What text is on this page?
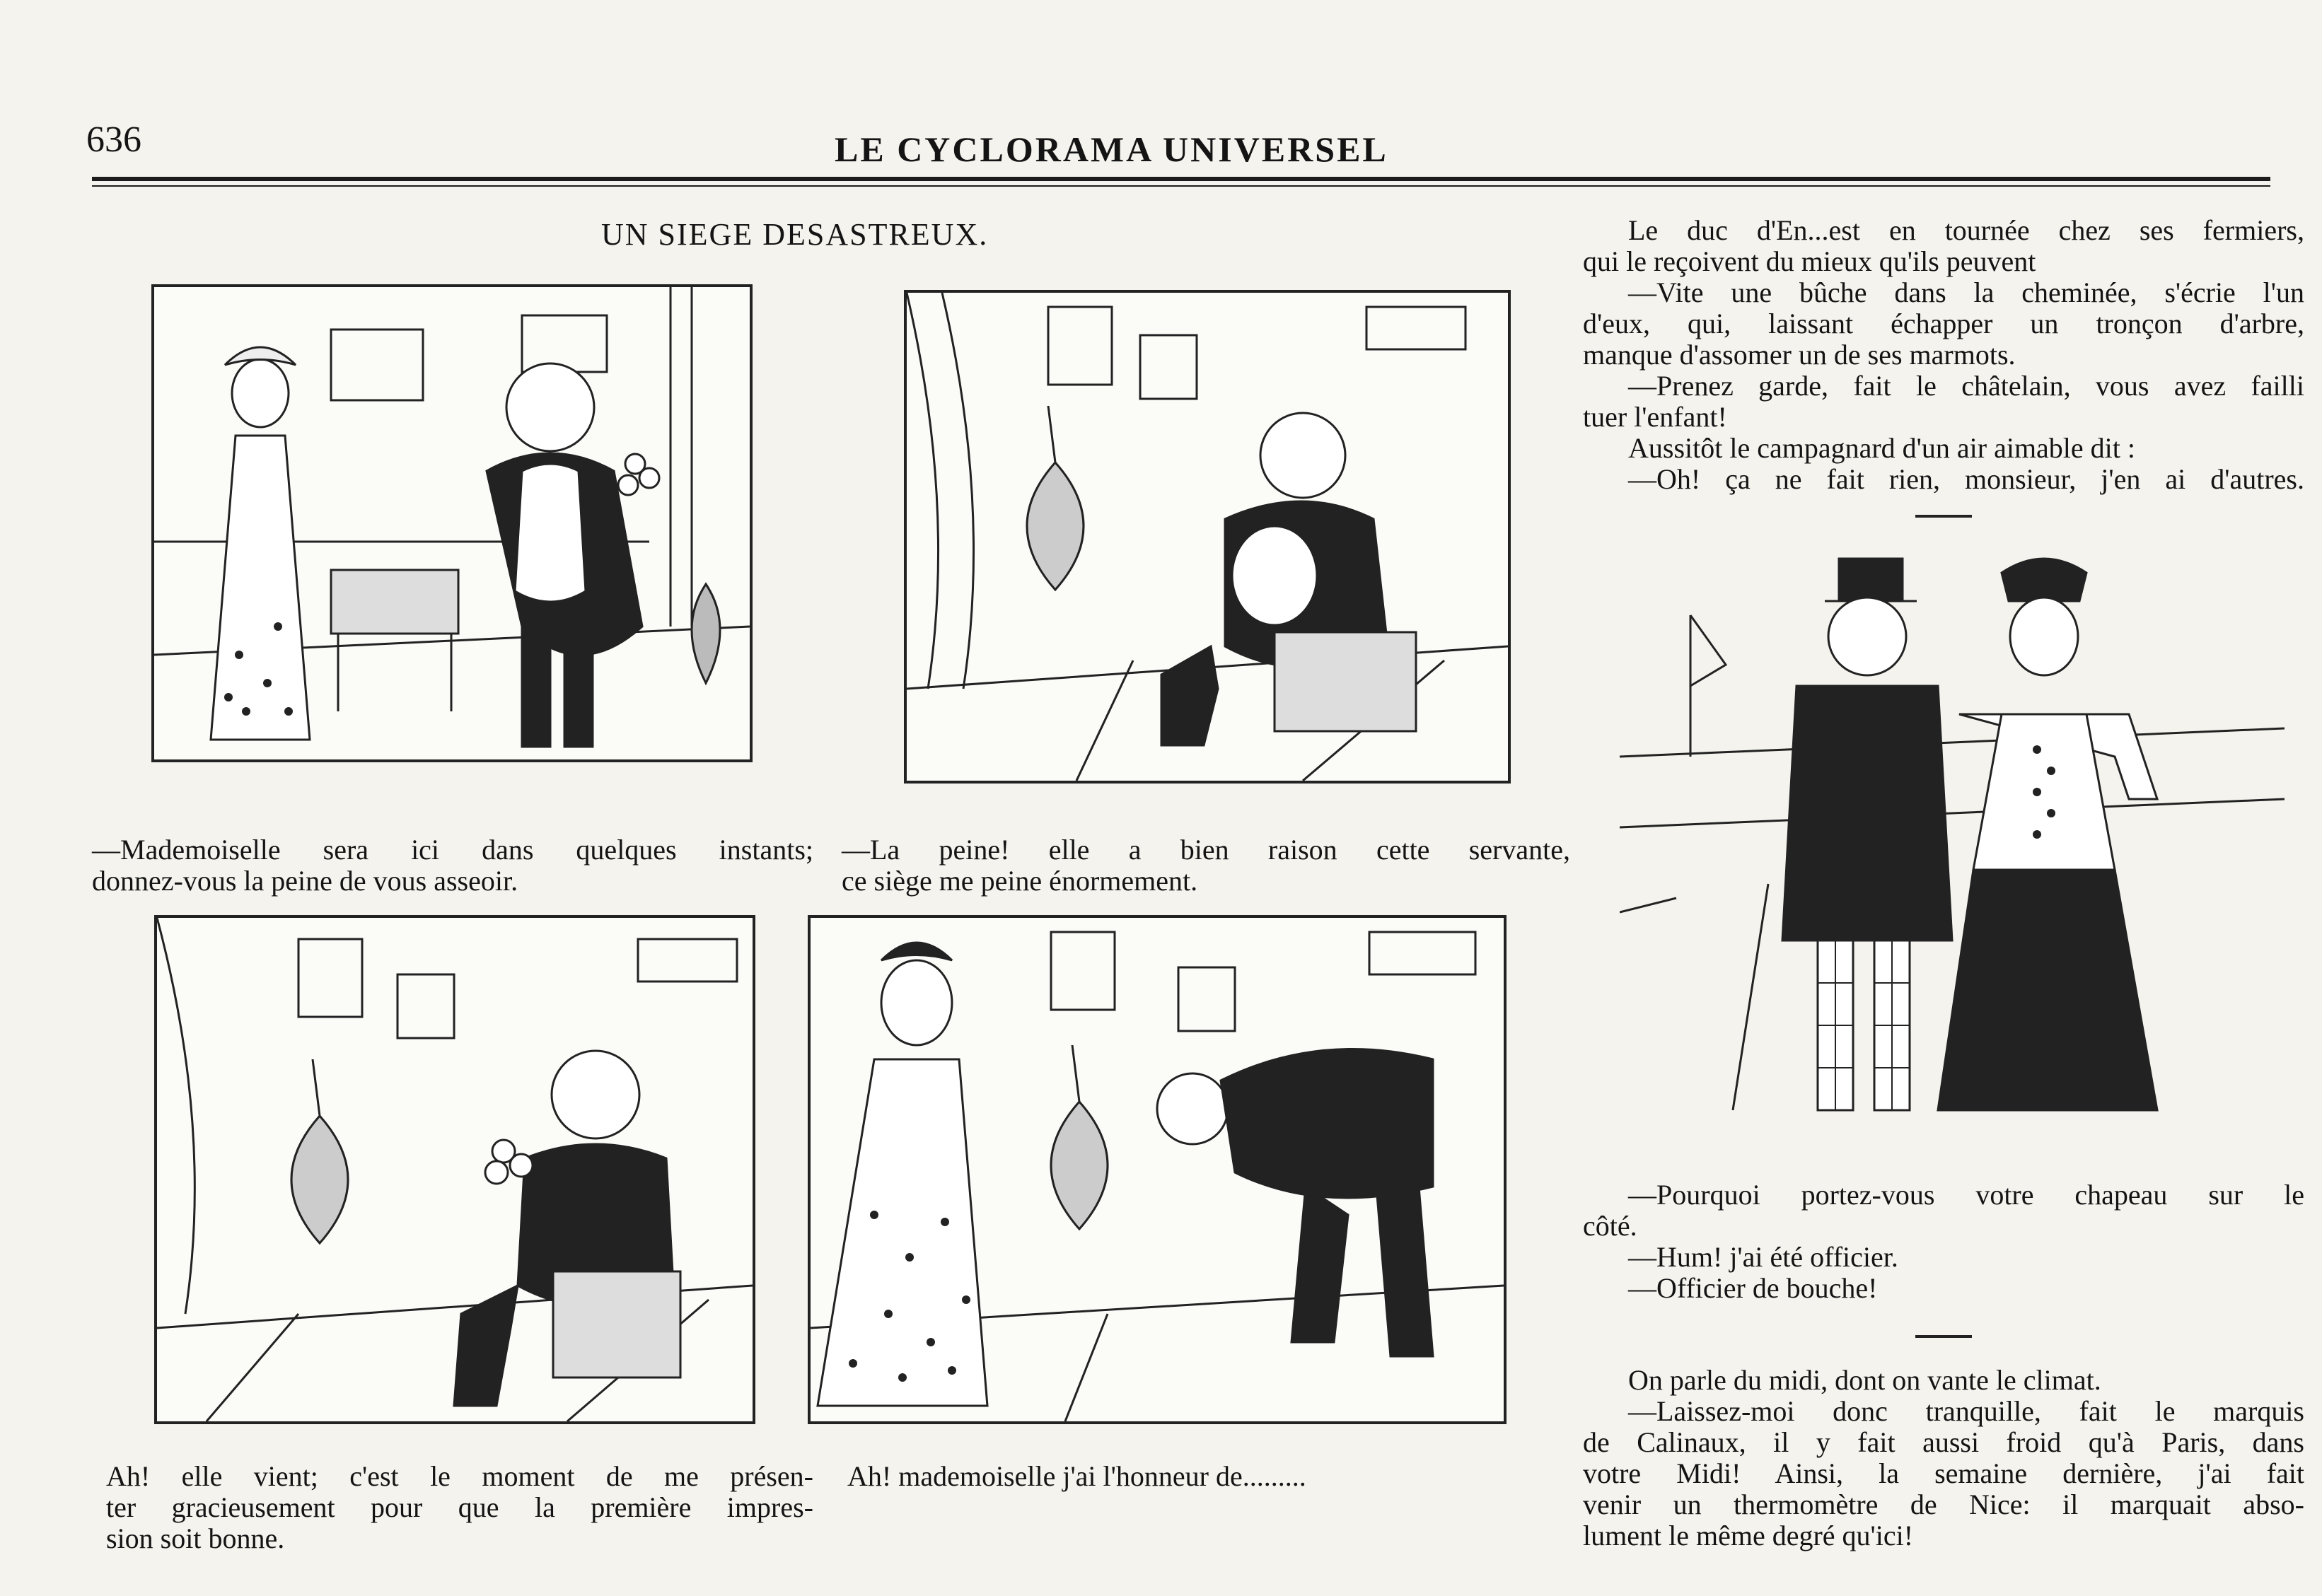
636	LE CYCLORAMA UNIVERSEL
UN SIEGE DESASTREUX.
—Mademoiselle sera ici dans quelques instants;
donnez-vous la peine de vous asseoir.
—La peine! elle a bien raison cette servante,
ce siège me peine énormement.
Ah! elle vient; c'est le moment de me présen-
ter gracieusement pour que la première impres-
sion soit bonne.
Ah! mademoiselle j'ai l'honneur de.........
Le duc d'En...est en tournée chez ses fermiers,
qui le reçoivent du mieux qu'ils peuvent
—Vite une bûche dans la cheminée, s'écrie l'un
d'eux, qui, laissant échapper un tronçon d'arbre,
manque d'assomer un de ses marmots.
—Prenez garde, fait le châtelain, vous avez failli
tuer l'enfant!
Aussitôt le campagnard d'un air aimable dit :
—Oh! ça ne fait rien, monsieur, j'en ai d'autres.
—Pourquoi portez-vous votre chapeau sur le
côté.
—Hum! j'ai été officier.
—Officier de bouche!
On parle du midi, dont on vante le climat.
—Laissez-moi donc tranquille, fait le marquis
de Calinaux, il y fait aussi froid qu'à Paris, dans
votre Midi! Ainsi, la semaine dernière, j'ai fait
venir un thermomètre de Nice: il marquait abso-
lument le même degré qu'ici!
